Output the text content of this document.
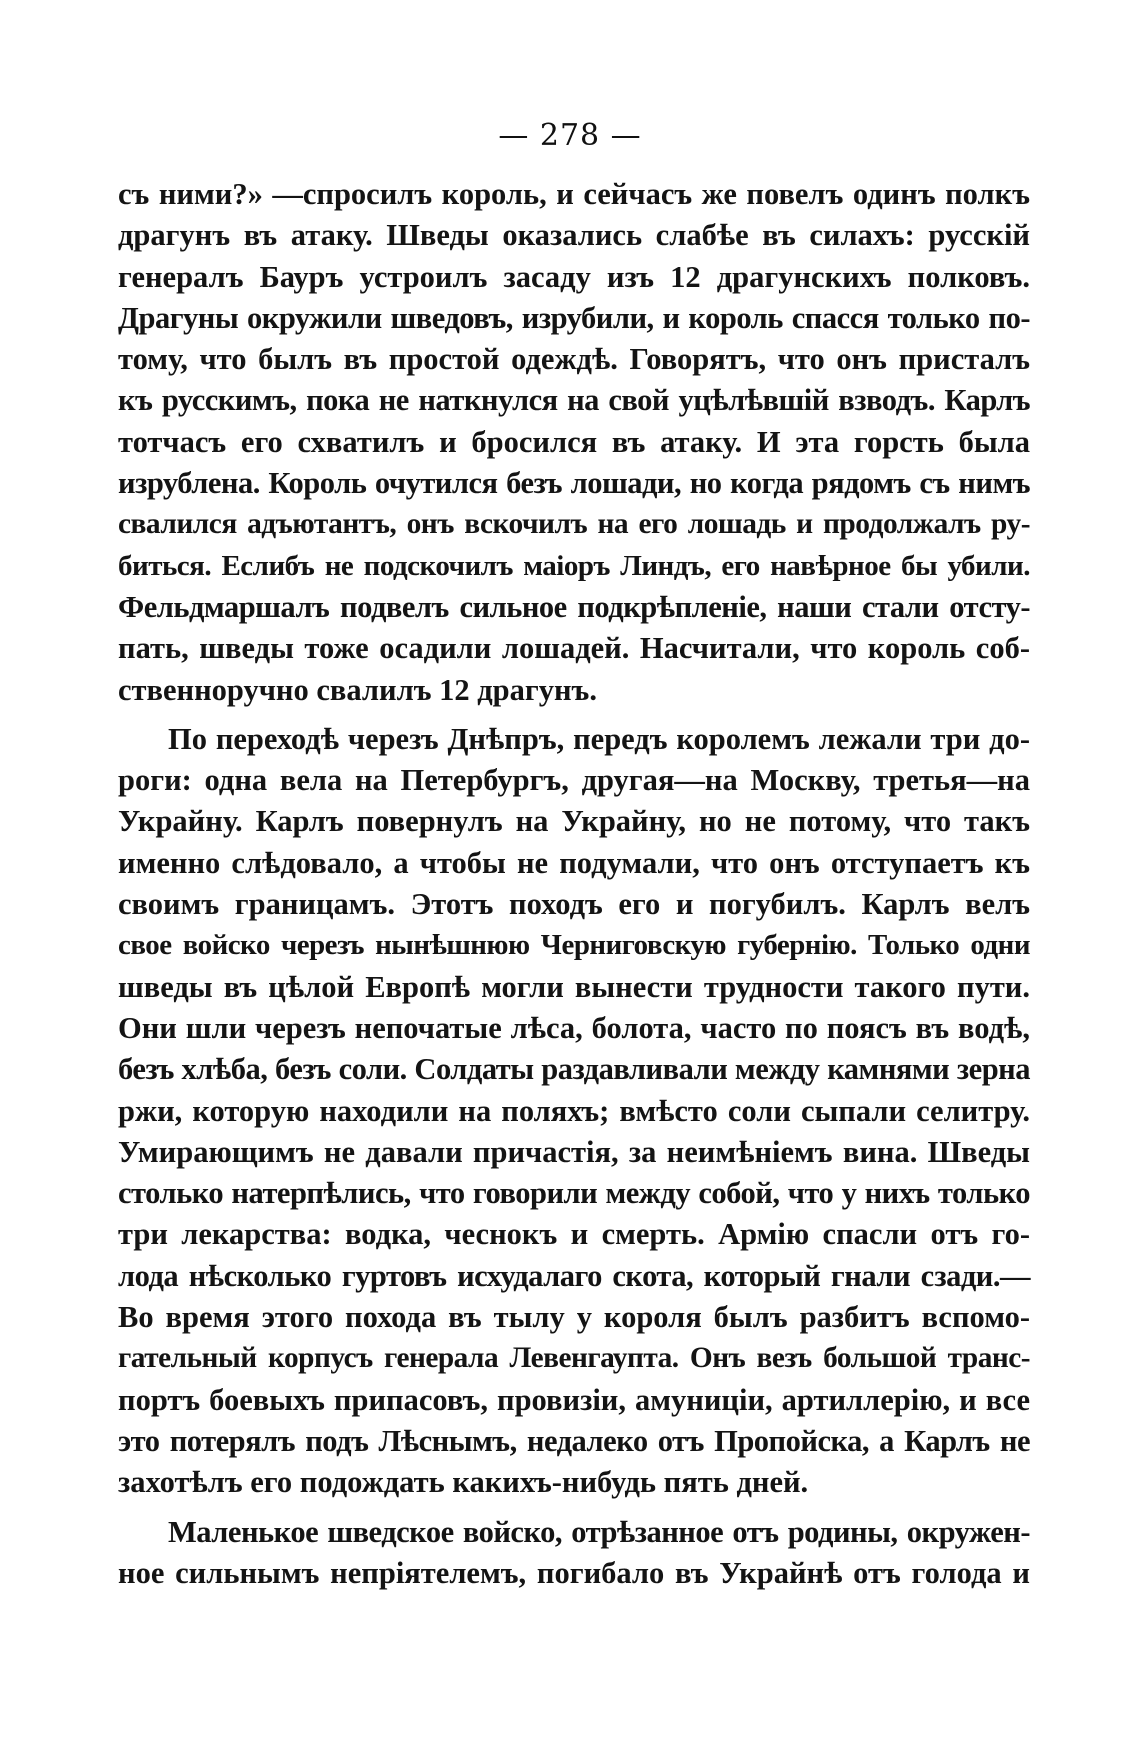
— 278 —
съ ними?» —спросилъ король, и сейчасъ же повелъ одинъ полкъ
драгунъ въ атаку. Шведы оказались слабѣе въ силахъ: русскій
генералъ Бауръ устроилъ засаду изъ 12 драгунскихъ полковъ.
Драгуны окружили шведовъ, изрубили, и король спасся только по-
тому, что былъ въ простой одеждѣ. Говорятъ, что онъ присталъ
къ русскимъ, пока не наткнулся на свой уцѣлѣвшій взводъ. Карлъ
тотчасъ его схватилъ и бросился въ атаку. И эта горсть была
изрублена. Король очутился безъ лошади, но когда рядомъ съ нимъ
свалился адъютантъ, онъ вскочилъ на его лошадь и продолжалъ ру-
биться. Еслибъ не подскочилъ маіоръ Линдъ, его навѣрное бы убили.
Фельдмаршалъ подвелъ сильное подкрѣпленіе, наши стали отсту-
пать, шведы тоже осадили лошадей. Насчитали, что король соб-
ственноручно свалилъ 12 драгунъ.
По переходѣ черезъ Днѣпръ, передъ королемъ лежали три до-
роги: одна вела на Петербургъ, другая—на Москву, третья—на
Украйну. Карлъ повернулъ на Украйну, но не потому, что такъ
именно слѣдовало, а чтобы не подумали, что онъ отступаетъ къ
своимъ границамъ. Этотъ походъ его и погубилъ. Карлъ велъ
свое войско черезъ нынѣшнюю Черниговскую губернію. Только одни
шведы въ цѣлой Европѣ могли вынести трудности такого пути.
Они шли черезъ непочатые лѣса, болота, часто по поясъ въ водѣ,
безъ хлѣба, безъ соли. Солдаты раздавливали между камнями зерна
ржи, которую находили на поляхъ; вмѣсто соли сыпали селитру.
Умирающимъ не давали причастія, за неимѣніемъ вина. Шведы
столько натерпѣлись, что говорили между собой, что у нихъ только
три лекарства: водка, чеснокъ и смерть. Армію спасли отъ го-
лода нѣсколько гуртовъ исхудалаго скота, который гнали сзади.—
Во время этого похода въ тылу у короля былъ разбитъ вспомо-
гательный корпусъ генерала Левенгаупта. Онъ везъ большой транс-
портъ боевыхъ припасовъ, провизіи, амуниціи, артиллерію, и все
это потерялъ подъ Лѣснымъ, недалеко отъ Пропойска, а Карлъ не
захотѣлъ его подождать какихъ-нибудь пять дней.
Маленькое шведское войско, отрѣзанное отъ родины, окружен-
ное сильнымъ непріятелемъ, погибало въ Украйнѣ отъ голода и
